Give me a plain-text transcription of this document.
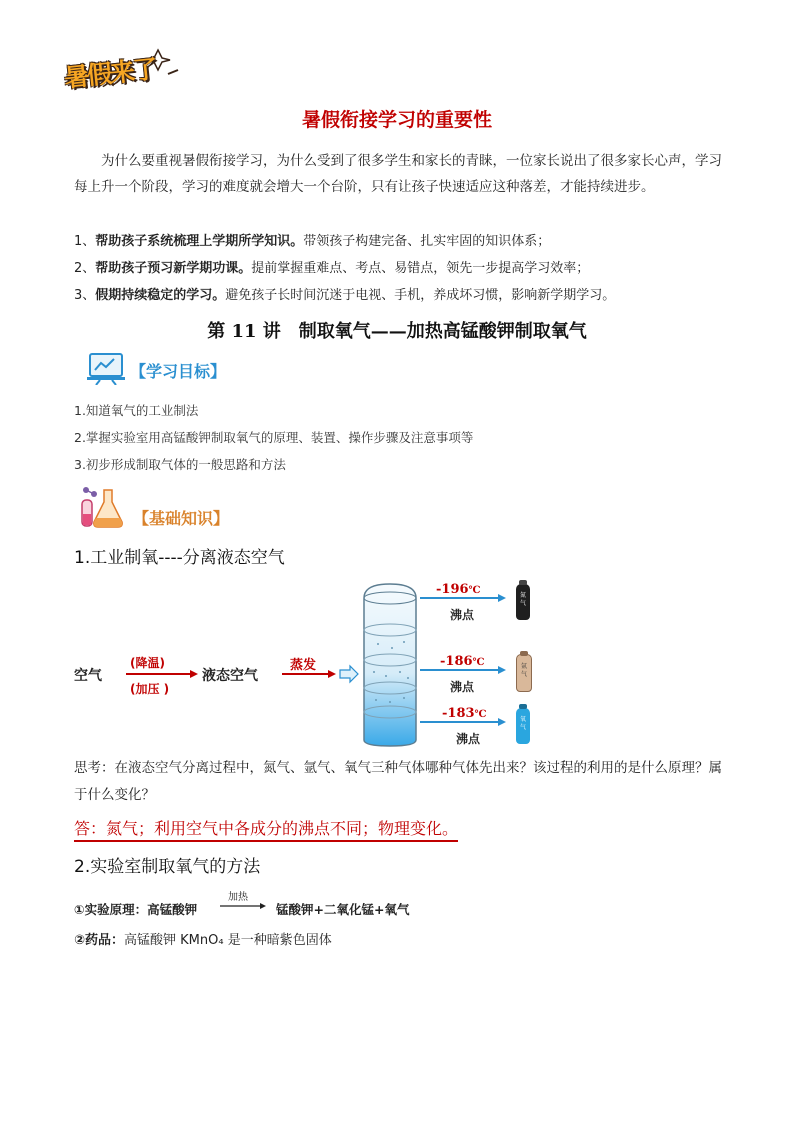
暑假来了
暑假衔接学习的重要性
为什么要重视暑假衔接学习，为什么受到了很多学生和家长的青睐，一位家长说出了很多家长心声，学习每上升一个阶段，学习的难度就会增大一个台阶，只有让孩子快速适应这种落差，才能持续进步。
1、帮助孩子系统梳理上学期所学知识。带领孩子构建完备、扎实牢固的知识体系；
2、帮助孩子预习新学期功课。提前掌握重难点、考点、易错点，领先一步提高学习效率；
3、假期持续稳定的学习。避免孩子长时间沉迷于电视、手机，养成坏习惯，影响新学期学习。
第 11 讲　制取氧气——加热高锰酸钾制取氧气
【学习目标】
1.知道氧气的工业制法
2.掌握实验室用高锰酸钾制取氧气的原理、装置、操作步骤及注意事项等
3.初步形成制取气体的一般思路和方法
【基础知识】
1.工业制氧----分离液态空气
空气
(降温)
(加压 )
液态空气
蒸发
-196℃
沸点
氮气
-186℃
沸点
氩气
-183℃
沸点
氧气
思考：在液态空气分离过程中，氮气、氩气、氧气三种气体哪种气体先出来？该过程的利用的是什么原理？属于什么变化？
答：氮气；利用空气中各成分的沸点不同；物理变化。
2.实验室制取氧气的方法
①实验原理：高锰酸钾
加热
锰酸钾+二氧化锰+氧气
②药品：高锰酸钾 KMnO₄ 是一种暗紫色固体
